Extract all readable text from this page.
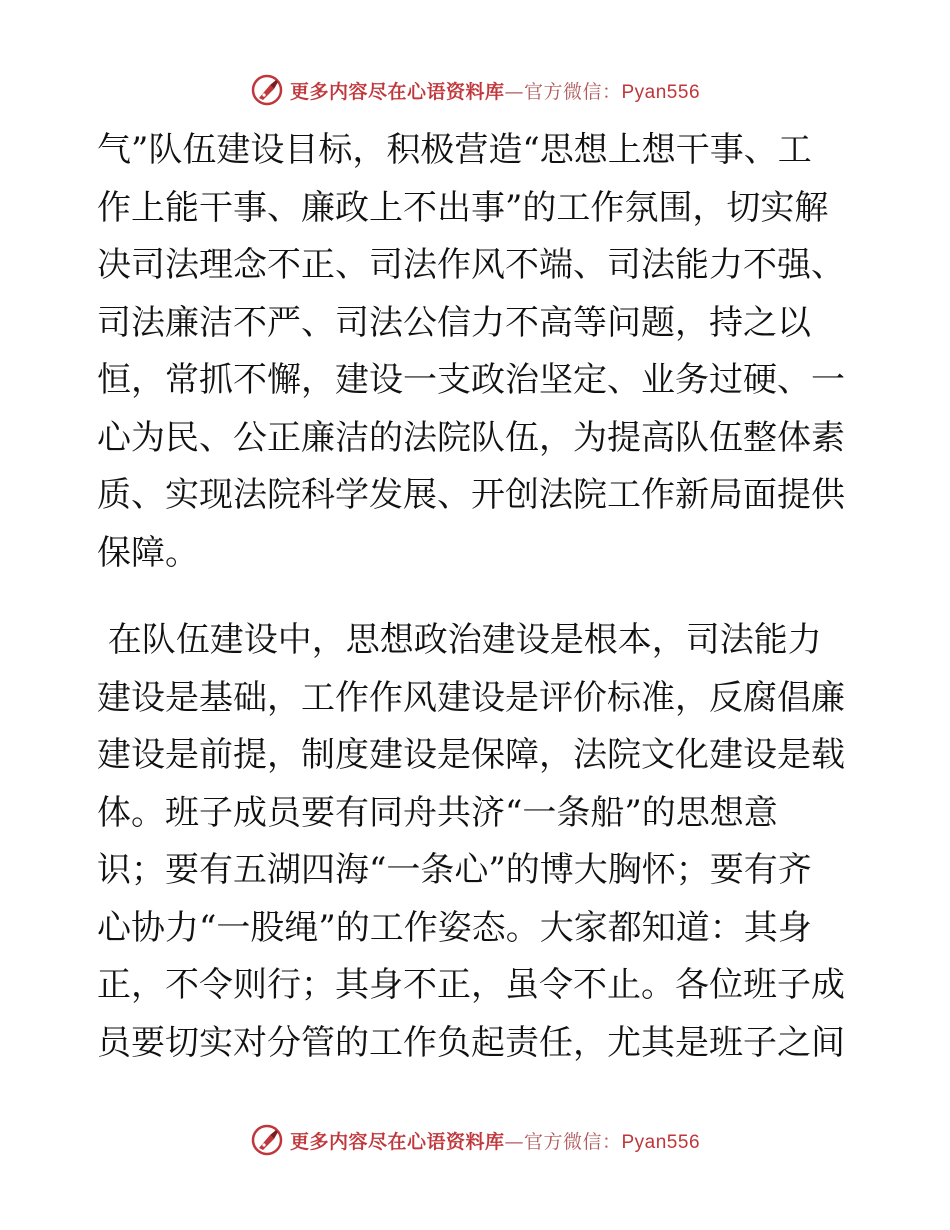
更多内容尽在心语资料库—官方微信：Pyan556

气”队伍建设目标，积极营造“思想上想干事、工
作上能干事、廉政上不出事”的工作氛围，切实解
决司法理念不正、司法作风不端、司法能力不强、
司法廉洁不严、司法公信力不高等问题，持之以
恒，常抓不懈，建设一支政治坚定、业务过硬、一
心为民、公正廉洁的法院队伍，为提高队伍整体素
质、实现法院科学发展、开创法院工作新局面提供
保障。

在队伍建设中，思想政治建设是根本，司法能力
建设是基础，工作作风建设是评价标准，反腐倡廉
建设是前提，制度建设是保障，法院文化建设是载
体。班子成员要有同舟共济“一条船”的思想意
识；要有五湖四海“一条心”的博大胸怀；要有齐
心协力“一股绳”的工作姿态。大家都知道：其身
正，不令则行；其身不正，虽令不止。各位班子成
员要切实对分管的工作负起责任，尤其是班子之间

更多内容尽在心语资料库—官方微信：Pyan556
